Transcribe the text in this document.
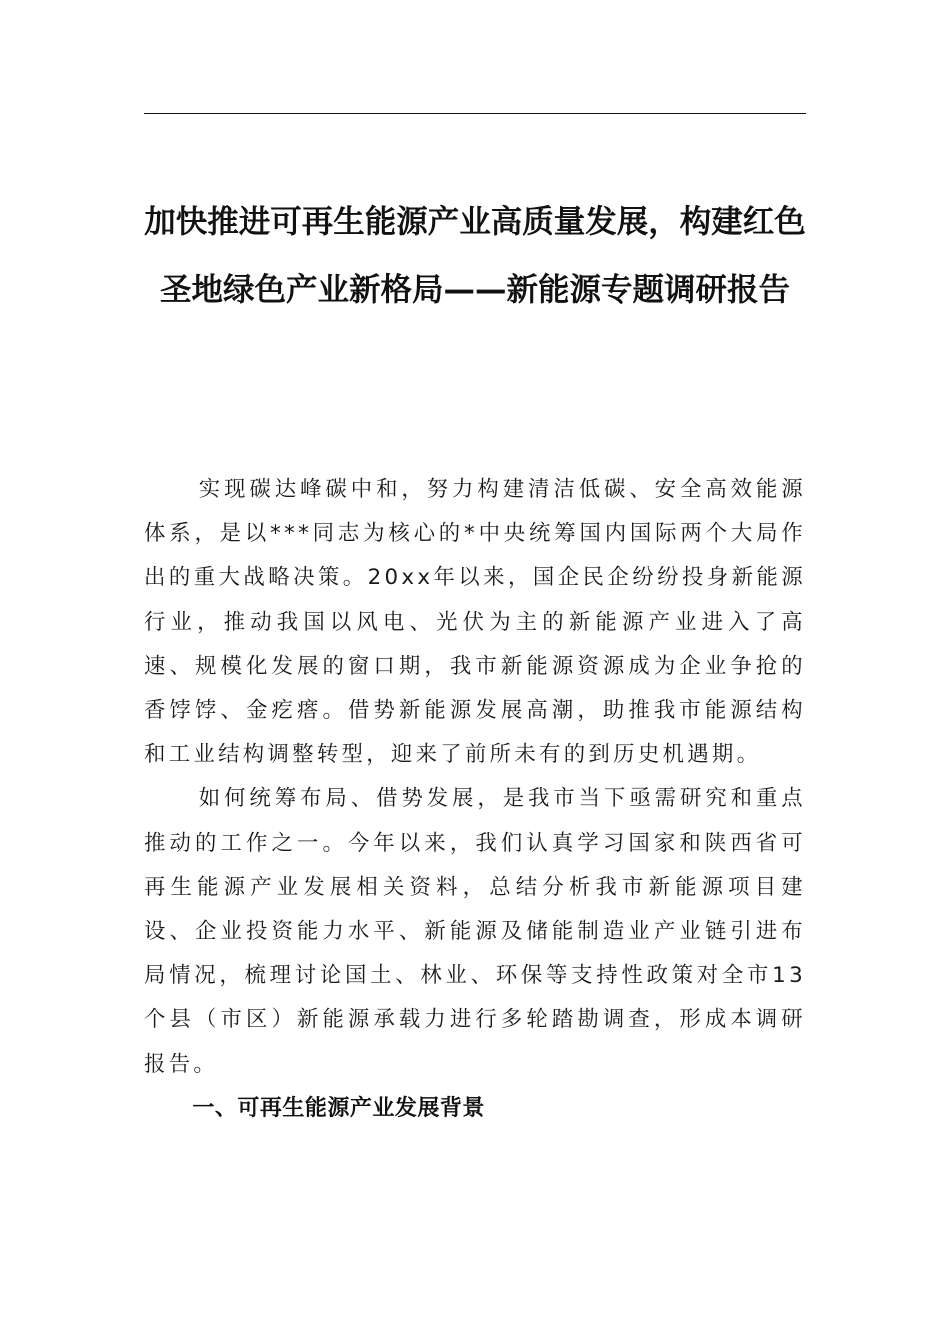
加快推进可再生能源产业高质量发展，构建红色圣地绿色产业新格局——新能源专题调研报告

实现碳达峰碳中和，努力构建清洁低碳、安全高效能源体系，是以***同志为核心的*中央统筹国内国际两个大局作出的重大战略决策。20xx年以来，国企民企纷纷投身新能源行业，推动我国以风电、光伏为主的新能源产业进入了高速、规模化发展的窗口期，我市新能源资源成为企业争抢的香饽饽、金疙瘩。借势新能源发展高潮，助推我市能源结构和工业结构调整转型，迎来了前所未有的到历史机遇期。

如何统筹布局、借势发展，是我市当下亟需研究和重点推动的工作之一。今年以来，我们认真学习国家和陕西省可再生能源产业发展相关资料，总结分析我市新能源项目建设、企业投资能力水平、新能源及储能制造业产业链引进布局情况，梳理讨论国土、林业、环保等支持性政策对全市13个县（市区）新能源承载力进行多轮踏勘调查，形成本调研报告。

一、可再生能源产业发展背景
